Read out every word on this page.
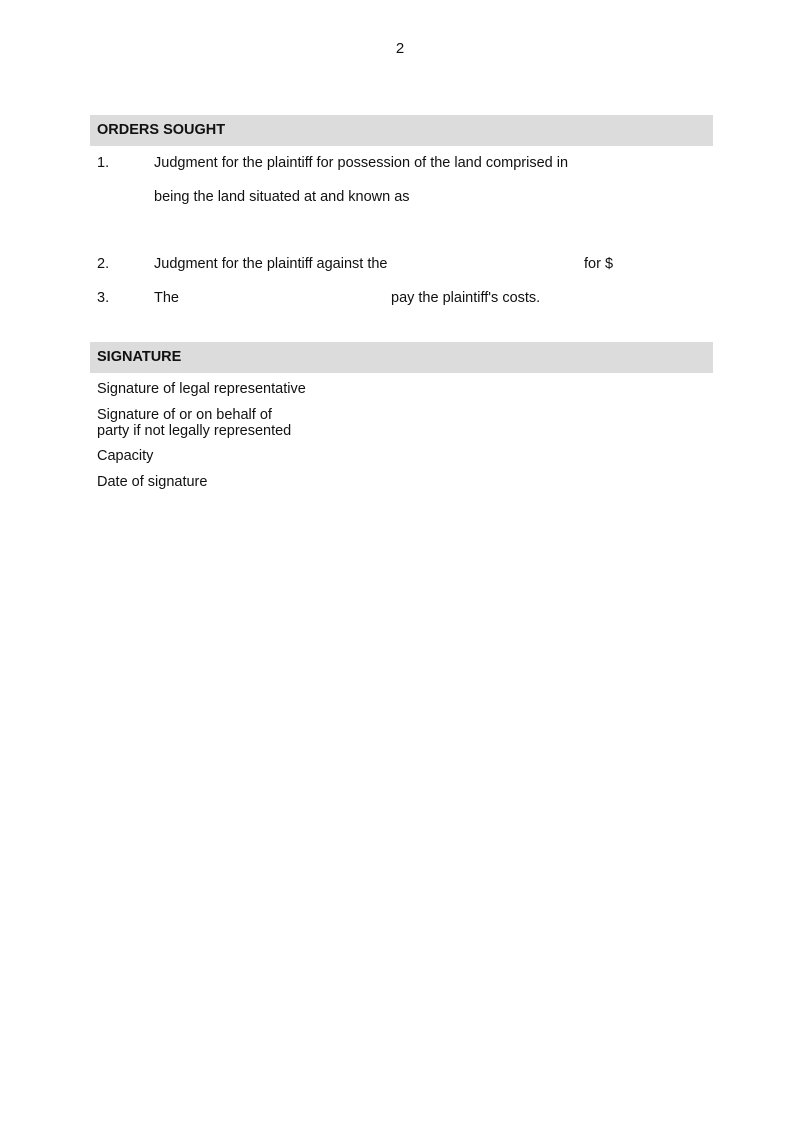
2
ORDERS SOUGHT
1.	Judgment for the plaintiff for possession of the land comprised in
being the land situated at and known as
2.	Judgment for the plaintiff against the	for $
3.	The	pay the plaintiff's costs.
SIGNATURE
Signature of legal representative
Signature of or on behalf of
party if not legally represented
Capacity
Date of signature
